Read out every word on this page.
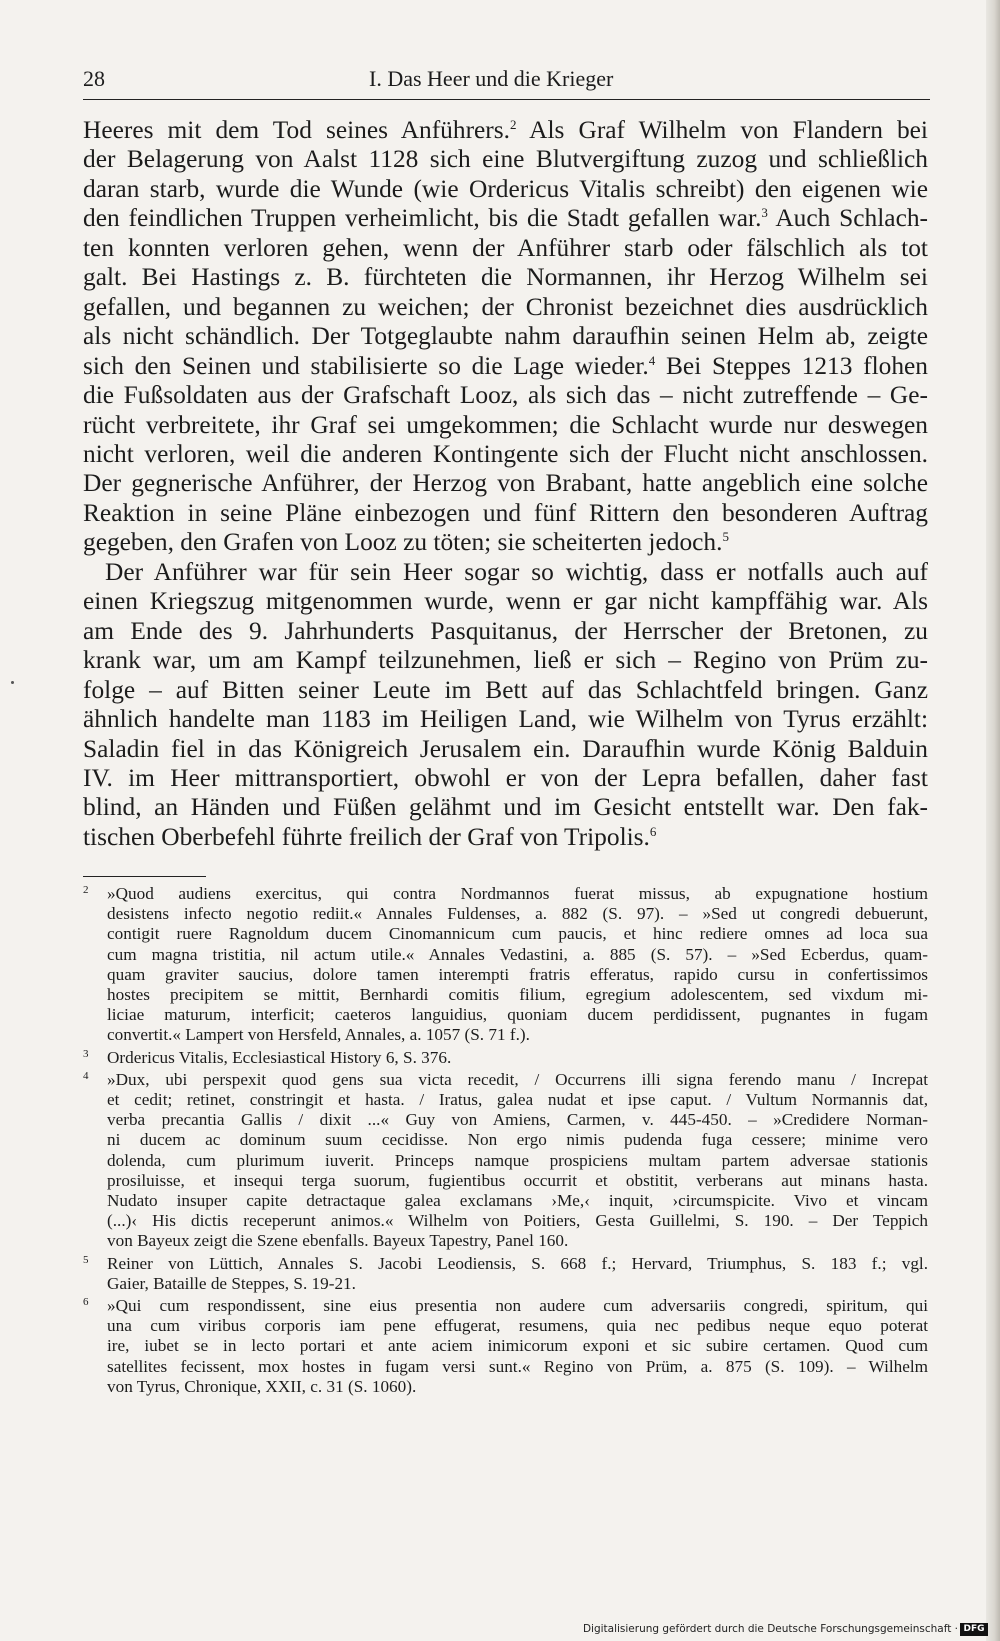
28	I. Das Heer und die Krieger
Heeres mit dem Tod seines Anführers.$^2$ Als Graf Wilhelm von Flandern bei
der Belagerung von Aalst 1128 sich eine Blutvergiftung zuzog und schließlich
daran starb, wurde die Wunde (wie Ordericus Vitalis schreibt) den eigenen wie
den feindlichen Truppen verheimlicht, bis die Stadt gefallen war.$^3$ Auch Schlach-
ten konnten verloren gehen, wenn der Anführer starb oder fälschlich als tot
galt. Bei Hastings z. B. fürchteten die Normannen, ihr Herzog Wilhelm sei
gefallen, und begannen zu weichen; der Chronist bezeichnet dies ausdrücklich
als nicht schändlich. Der Totgeglaubte nahm daraufhin seinen Helm ab, zeigte
sich den Seinen und stabilisierte so die Lage wieder.$^4$ Bei Steppes 1213 flohen
die Fußsoldaten aus der Grafschaft Looz, als sich das – nicht zutreffende – Ge-
rücht verbreitete, ihr Graf sei umgekommen; die Schlacht wurde nur deswegen
nicht verloren, weil die anderen Kontingente sich der Flucht nicht anschlossen.
Der gegnerische Anführer, der Herzog von Brabant, hatte angeblich eine solche
Reaktion in seine Pläne einbezogen und fünf Rittern den besonderen Auftrag
gegeben, den Grafen von Looz zu töten; sie scheiterten jedoch.$^5$
Der Anführer war für sein Heer sogar so wichtig, dass er notfalls auch auf
einen Kriegszug mitgenommen wurde, wenn er gar nicht kampffähig war. Als
am Ende des 9. Jahrhunderts Pasquitanus, der Herrscher der Bretonen, zu
krank war, um am Kampf teilzunehmen, ließ er sich – Regino von Prüm zu-
folge – auf Bitten seiner Leute im Bett auf das Schlachtfeld bringen. Ganz
ähnlich handelte man 1183 im Heiligen Land, wie Wilhelm von Tyrus erzählt:
Saladin fiel in das Königreich Jerusalem ein. Daraufhin wurde König Balduin
IV. im Heer mittransportiert, obwohl er von der Lepra befallen, daher fast
blind, an Händen und Füßen gelähmt und im Gesicht entstellt war. Den fak-
tischen Oberbefehl führte freilich der Graf von Tripolis.$^6$
2 »Quod audiens exercitus, qui contra Nordmannos fuerat missus, ab expugnatione hostium
desistens infecto negotio rediit.« Annales Fuldenses, a. 882 (S. 97). – »Sed ut congredi debuerunt,
contigit ruere Ragnoldum ducem Cinomannicum cum paucis, et hinc rediere omnes ad loca sua
cum magna tristitia, nil actum utile.« Annales Vedastini, a. 885 (S. 57). – »Sed Ecberdus, quam-
quam graviter saucius, dolore tamen interempti fratris efferatus, rapido cursu in confertissimos
hostes precipitem se mittit, Bernhardi comitis filium, egregium adolescentem, sed vixdum mi-
liciae maturum, interficit; caeteros languidius, quoniam ducem perdidissent, pugnantes in fugam
convertit.« Lampert von Hersfeld, Annales, a. 1057 (S. 71 f.).
3 Ordericus Vitalis, Ecclesiastical History 6, S. 376.
4 »Dux, ubi perspexit quod gens sua victa recedit, / Occurrens illi signa ferendo manu / Increpat
et cedit; retinet, constringit et hasta. / Iratus, galea nudat et ipse caput. / Vultum Normannis dat,
verba precantia Gallis / dixit ...« Guy von Amiens, Carmen, v. 445-450. – »Credidere Norman-
ni ducem ac dominum suum cecidisse. Non ergo nimis pudenda fuga cessere; minime vero
dolenda, cum plurimum iuverit. Princeps namque prospiciens multam partem adversae stationis
prosiluisse, et insequi terga suorum, fugientibus occurrit et obstitit, verberans aut minans hasta.
Nudato insuper capite detractaque galea exclamans ›Me,‹ inquit, ›circumspicite. Vivo et vincam
(...)‹ His dictis receperunt animos.« Wilhelm von Poitiers, Gesta Guillelmi, S. 190. – Der Teppich
von Bayeux zeigt die Szene ebenfalls. Bayeux Tapestry, Panel 160.
5 Reiner von Lüttich, Annales S. Jacobi Leodiensis, S. 668 f.; Hervard, Triumphus, S. 183 f.; vgl.
Gaier, Bataille de Steppes, S. 19-21.
6 »Qui cum respondissent, sine eius presentia non audere cum adversariis congredi, spiritum, qui
una cum viribus corporis iam pene effugerat, resumens, quia nec pedibus neque equo poterat
ire, iubet se in lecto portari et ante aciem inimicorum exponi et sic subire certamen. Quod cum
satellites fecissent, mox hostes in fugam versi sunt.« Regino von Prüm, a. 875 (S. 109). – Wilhelm
von Tyrus, Chronique, XXII, c. 31 (S. 1060).
Digitalisierung gefördert durch die Deutsche Forschungsgemeinschaft · DFG
